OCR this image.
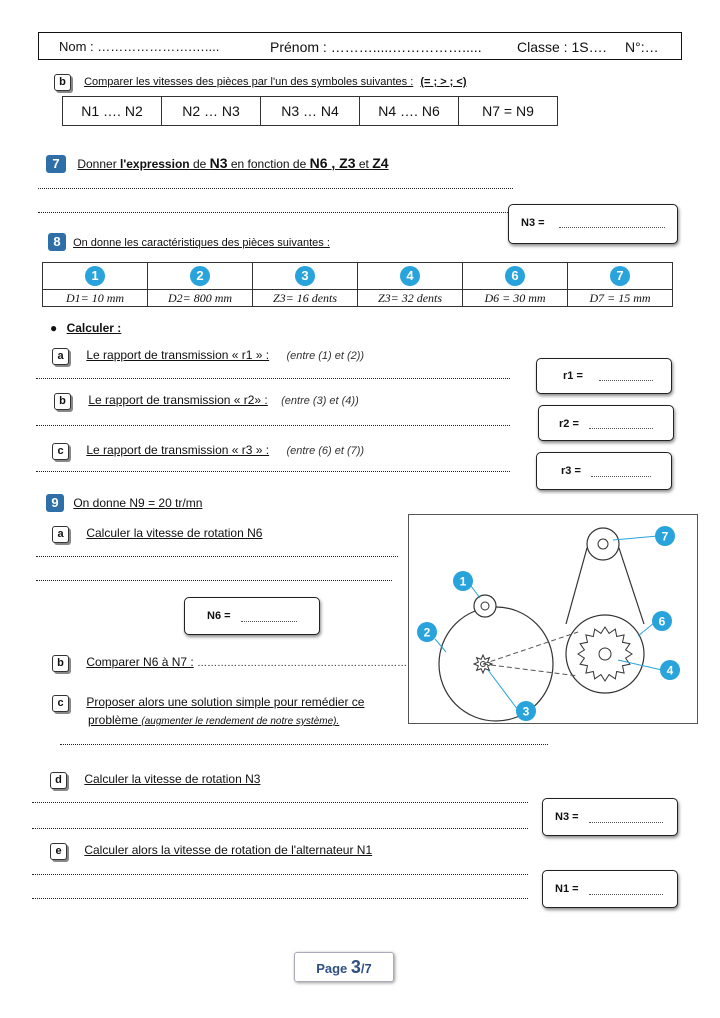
Nom : ………………….…....	Prénom : ……….....…………….....	Classe : 1S…. N°:…
b Comparer les vitesses des pièces par l'un des symboles suivantes : (= ; > ; <)
N1 …. N2	N2 … N3	N3 … N4	N4 …. N6	N7 = N9
7 Donner l'expression de N3 en fonction de N6 , Z3 et Z4
N3 =
8 On donne les caractéristiques des pièces suivantes :
1	2	3	4	6	7
D1= 10 mm	D2= 800 mm	Z3= 16 dents	Z3= 32 dents	D6 = 30 mm	D7 = 15 mm
● Calculer :
a Le rapport de transmission « r1 » : (entre (1) et (2))
r1 =
b Le rapport de transmission « r2» : (entre (3) et (4))
r2 =
c Le rapport de transmission « r3 » : (entre (6) et (7))
r3 =
9 On donne N9 = 20 tr/mn
a Calculer la vitesse de rotation N6
N6 =
b Comparer N6 à N7 : ………………………………………………………
c Proposer alors une solution simple pour remédier ce
problème (augmenter le rendement de notre système).
d Calculer la vitesse de rotation N3
N3 =
e Calculer alors la vitesse de rotation de l'alternateur N1
N1 =
1
2
3
4
6
7
Page 3/7
